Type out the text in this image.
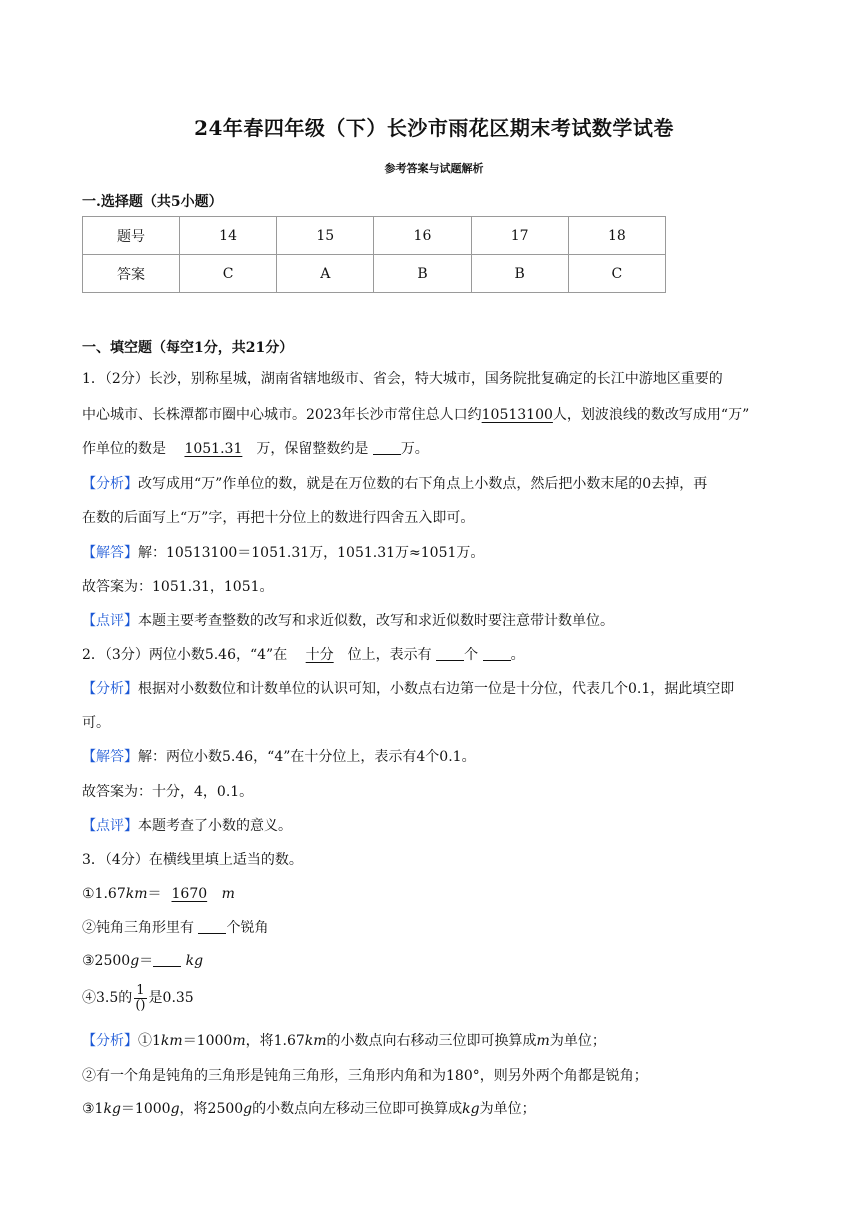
24年春四年级（下）长沙市雨花区期末考试数学试卷
参考答案与试题解析
一.选择题（共5小题）
题号	14	15	16	17	18
答案	C	A	B	B	C
一、填空题（每空1分，共21分）
1．（2分）长沙，别称星城，湖南省辖地级市、省会，特大城市，国务院批复确定的长江中游地区重要的
中心城市、长株潭都市圈中心城市。2023年长沙市常住总人口约10513100人，划波浪线的数改写成用“万”
作单位的数是 1051.31 万，保留整数约是 万。
【分析】改写成用“万”作单位的数，就是在万位数的右下角点上小数点，然后把小数末尾的0去掉，再
在数的后面写上“万”字，再把十分位上的数进行四舍五入即可。
【解答】解：10513100＝1051.31万，1051.31万≈1051万。
故答案为：1051.31，1051。
【点评】本题主要考查整数的改写和求近似数，改写和求近似数时要注意带计数单位。
2．（3分）两位小数5.46，“4”在 十分 位上，表示有 个 。
【分析】根据对小数数位和计数单位的认识可知，小数点右边第一位是十分位，代表几个0.1，据此填空即
可。
【解答】解：两位小数5.46，“4”在十分位上，表示有4个0.1。
故答案为：十分，4，0.1。
【点评】本题考查了小数的意义。
3．（4分）在横线里填上适当的数。
①1.67km＝ 1670 m
②钝角三角形里有 个锐角
③2500g＝ kg
④3.5的 $\frac{1}{()}$ 是0.35
【分析】①1km＝1000m，将1.67km的小数点向右移动三位即可换算成m为单位；
②有一个角是钝角的三角形是钝角三角形，三角形内角和为180°，则另外两个角都是锐角；
③1kg＝1000g，将2500g的小数点向左移动三位即可换算成kg为单位；
